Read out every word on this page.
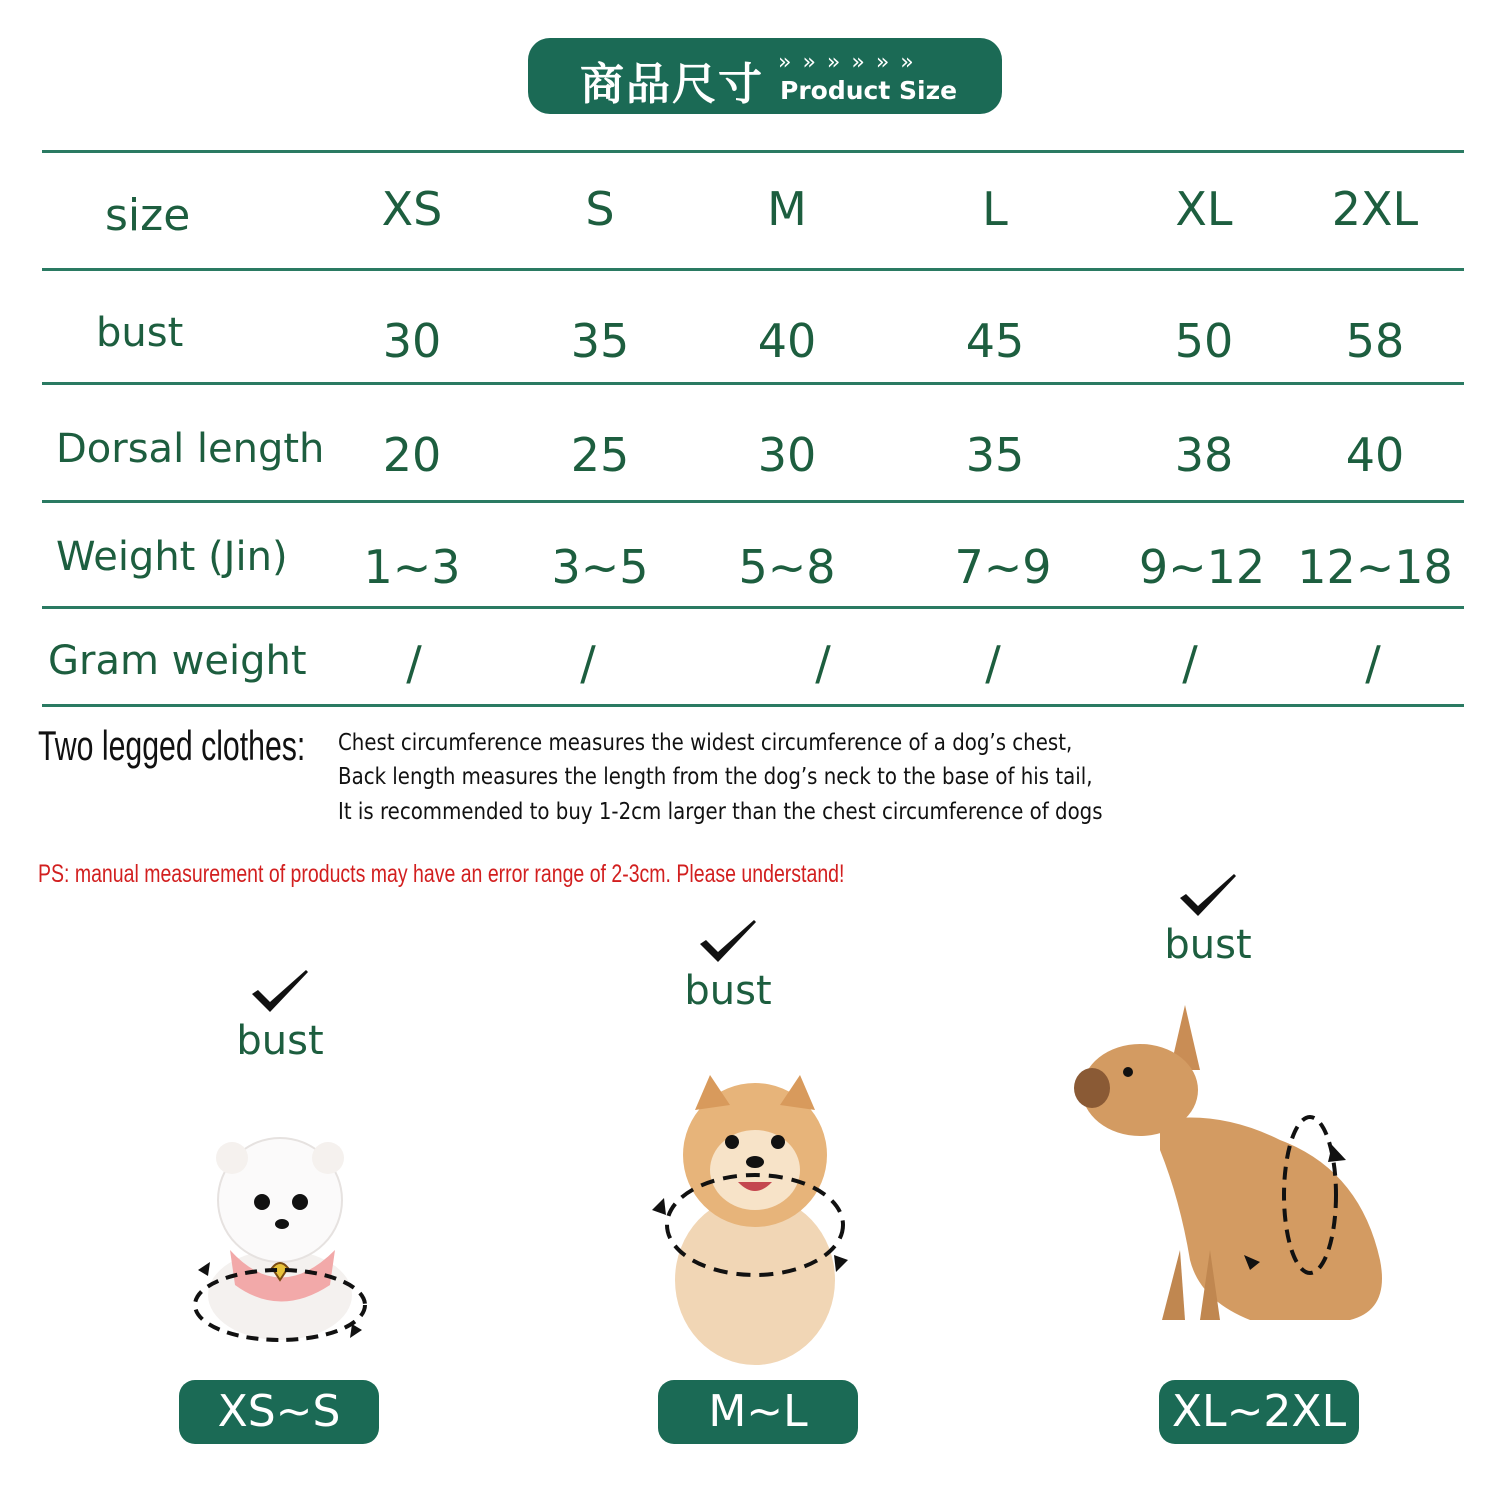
商品尺寸 » » » » » »
Product Size
size	XS	S	M	L	XL	2XL
bust	30	35	40	45	50	58
Dorsal length	20	25	30	35	38	40
Weight (Jin)	1~3	3~5	5~8	7~9	9~12 12~18
Gram weight	/	/	/	/	/	/
Two legged clothes: Chest circumference measures the widest circumference of a dog’s chest,
Back length measures the length from the dog’s neck to the base of his tail,
It is recommended to buy 1-2cm larger than the chest circumference of dogs
PS: manual measurement of products may have an error range of 2-3cm. Please understand!
bust
XS~S
bust
M~L
bust
XL~2XL
